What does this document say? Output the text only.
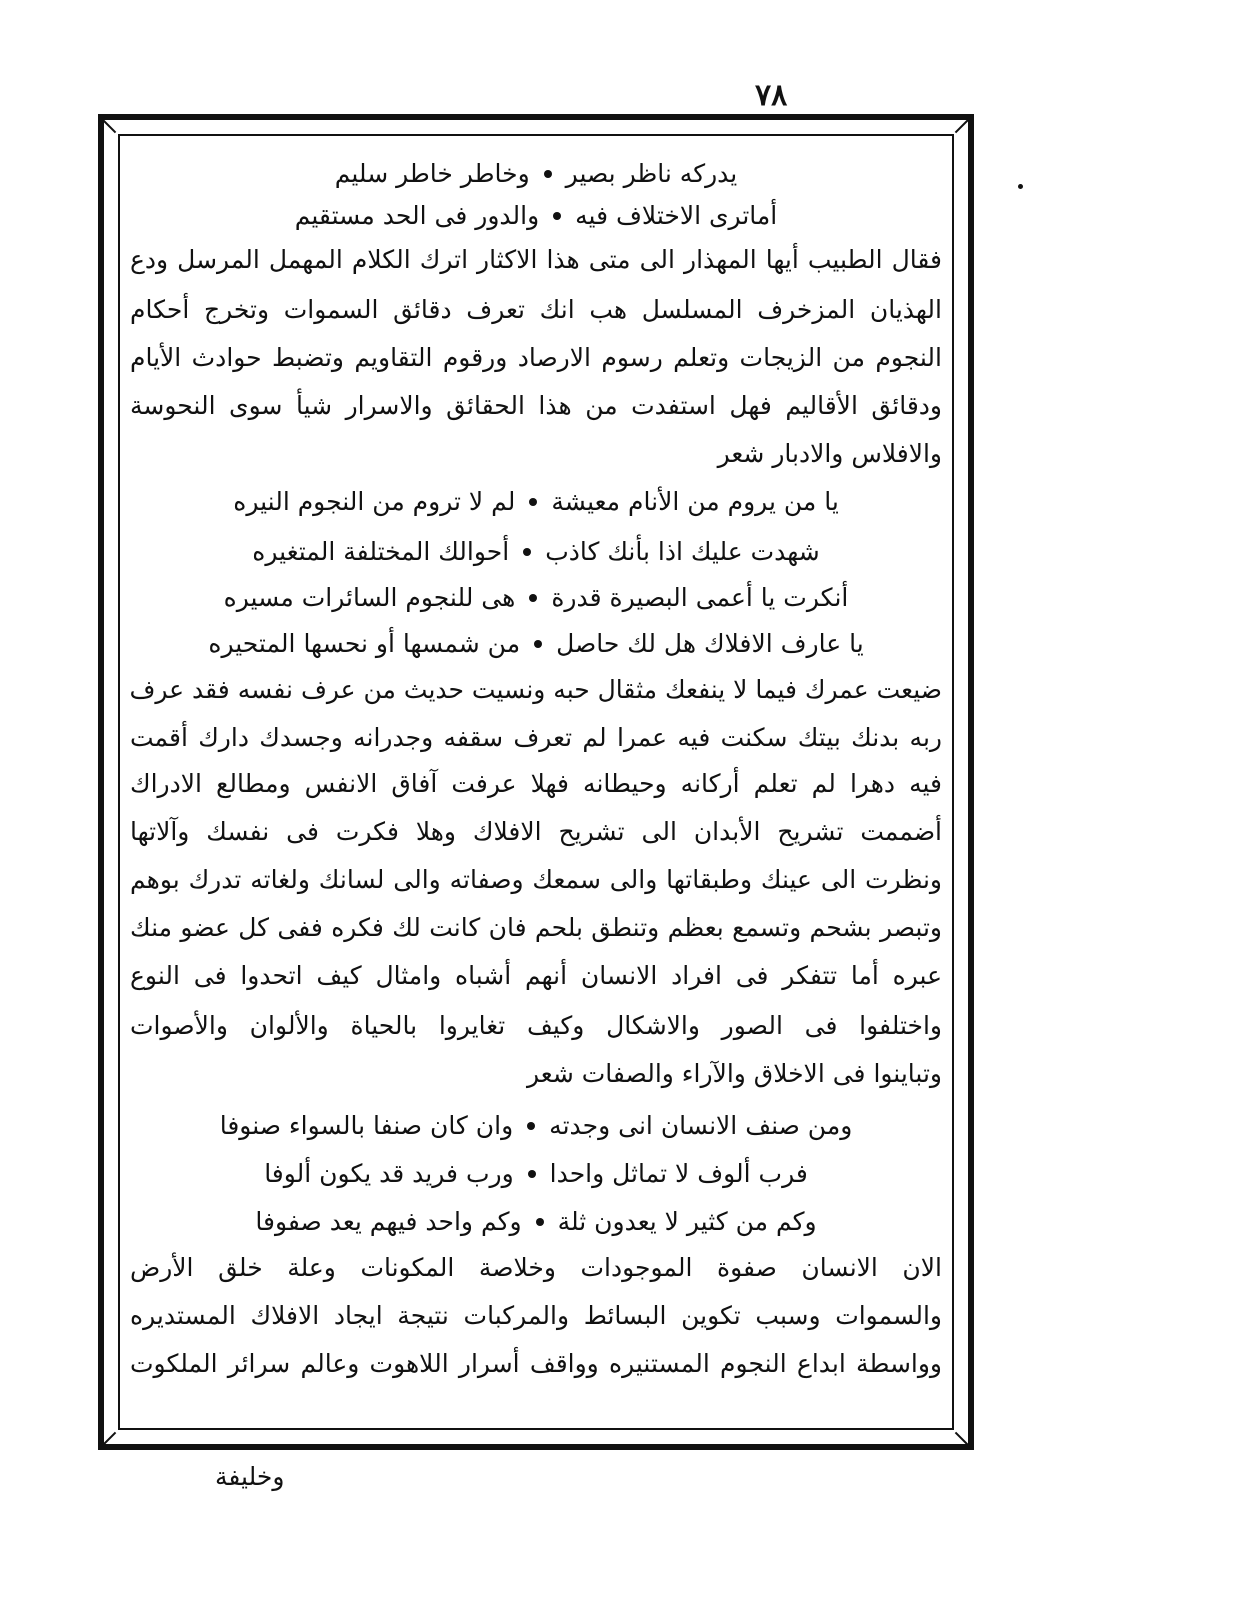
٧٨
يدركه ناظر بصير
وخاطر خاطر سليم
أماترى الاختلاف فيه
والدور فى الحد مستقيم
فقال الطبيب أيها المهذار الى متى هذا الاكثار اترك الكلام المهمل المرسل ودع
الهذيان المزخرف المسلسل هب انك تعرف دقائق السموات وتخرج أحكام
النجوم من الزيجات وتعلم رسوم الارصاد ورقوم التقاويم وتضبط حوادث الأيام
ودقائق الأقاليم فهل استفدت من هذا الحقائق والاسرار شيأ سوى النحوسة
والافلاس والادبار شعر
يا من يروم من الأنام معيشة
لم لا تروم من النجوم النيره
شهدت عليك اذا بأنك كاذب
أحوالك المختلفة المتغيره
أنكرت يا أعمى البصيرة قدرة
هى للنجوم السائرات مسيره
يا عارف الافلاك هل لك حاصل
من شمسها أو نحسها المتحيره
ضيعت عمرك فيما لا ينفعك مثقال حبه ونسيت حديث من عرف نفسه فقد عرف
ربه بدنك بيتك سكنت فيه عمرا لم تعرف سقفه وجدرانه وجسدك دارك أقمت
فيه دهرا لم تعلم أركانه وحيطانه فهلا عرفت آفاق الانفس ومطالع الادراك
أضممت تشريح الأبدان الى تشريح الافلاك وهلا فكرت فى نفسك وآلاتها
ونظرت الى عينك وطبقاتها والى سمعك وصفاته والى لسانك ولغاته تدرك بوهم
وتبصر بشحم وتسمع بعظم وتنطق بلحم فان كانت لك فكره ففى كل عضو منك
عبره أما تتفكر فى افراد الانسان أنهم أشباه وامثال كيف اتحدوا فى النوع
واختلفوا فى الصور والاشكال وكيف تغايروا بالحياة والألوان والأصوات
وتباينوا فى الاخلاق والآراء والصفات شعر
ومن صنف الانسان انى وجدته
وان كان صنفا بالسواء صنوفا
فرب ألوف لا تماثل واحدا
ورب فريد قد يكون ألوفا
وكم من كثير لا يعدون ثلة
وكم واحد فيهم يعد صفوفا
الان الانسان صفوة الموجودات وخلاصة المكونات وعلة خلق الأرض
والسموات وسبب تكوين البسائط والمركبات نتيجة ايجاد الافلاك المستديره
وواسطة ابداع النجوم المستنيره وواقف أسرار اللاهوت وعالم سرائر الملكوت
وخليفة
